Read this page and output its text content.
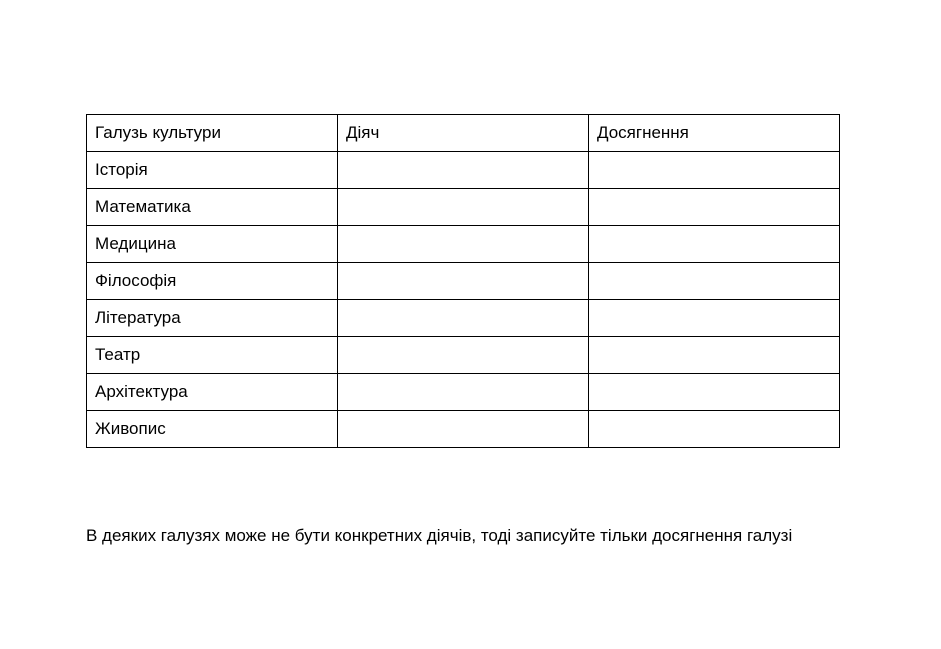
Галузь культури	Діяч	Досягнення
Історія		
Математика		
Медицина		
Філософія		
Література		
Театр		
Архітектура		
Живопис		

В деяких галузях може не бути конкретних діячів, тоді записуйте тільки досягнення галузі
